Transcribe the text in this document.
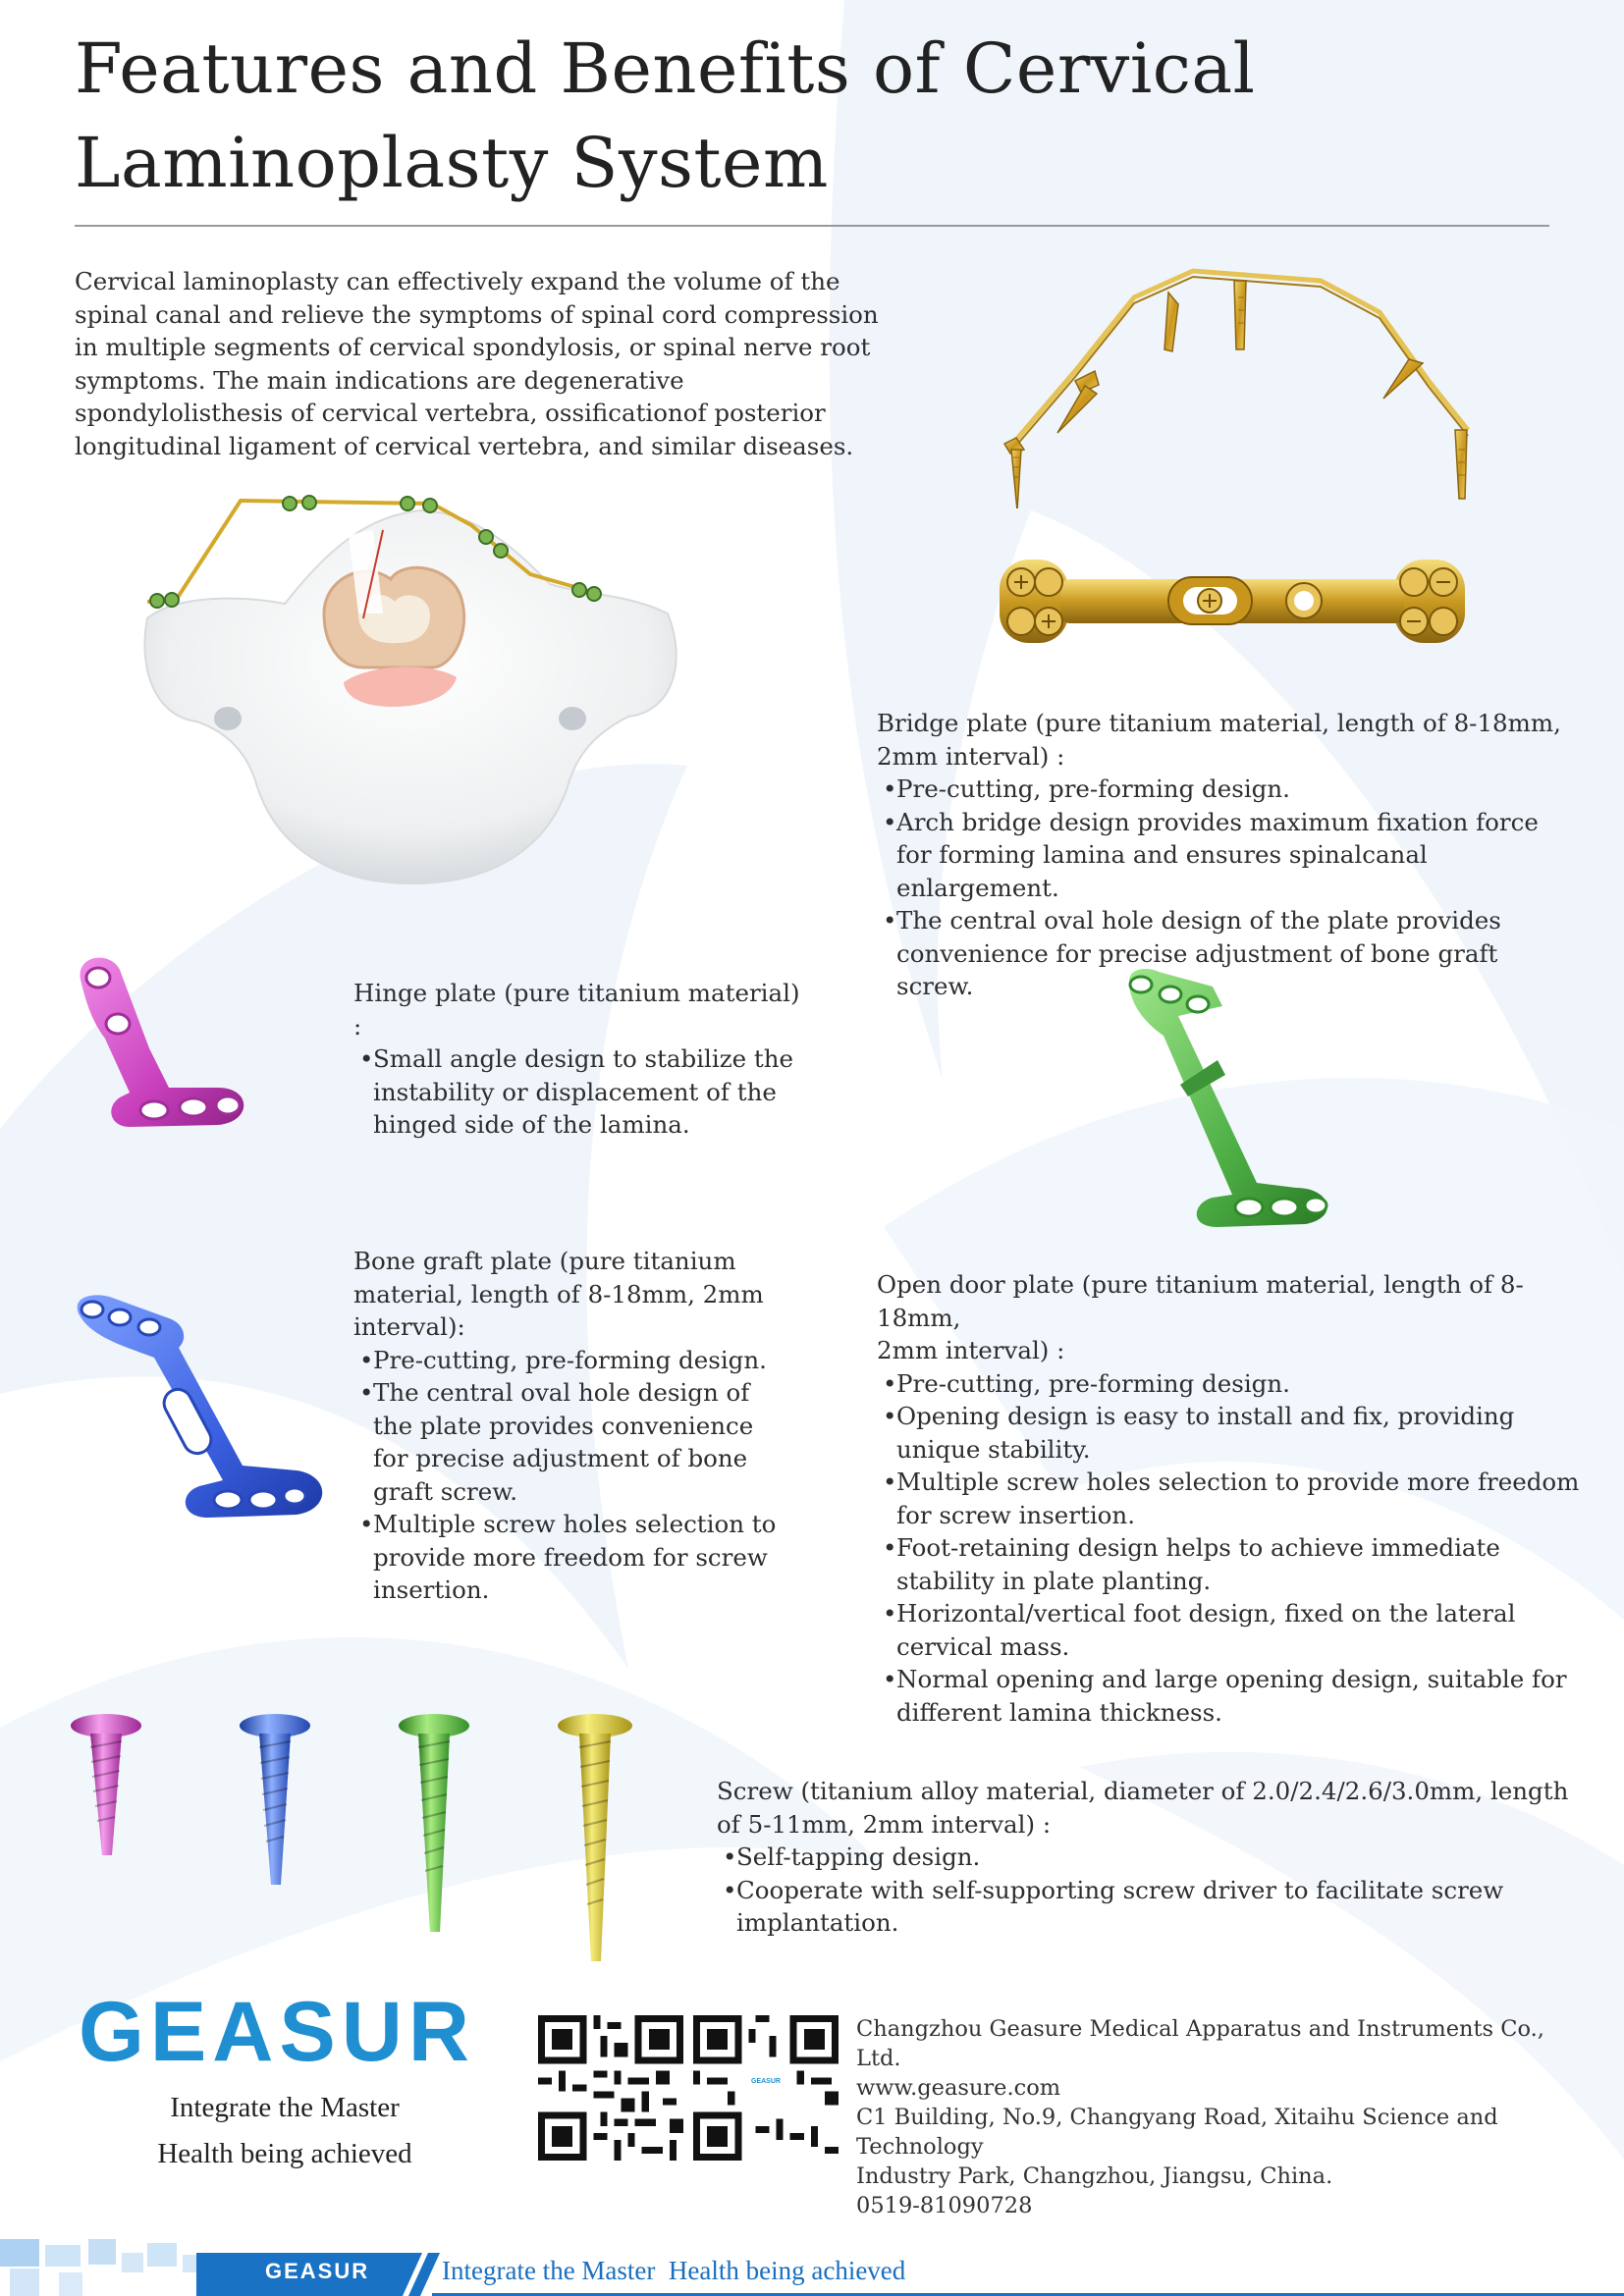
Features and Benefits of Cervical
Laminoplasty System

Cervical laminoplasty can effectively expand the volume of the spinal canal and relieve the symptoms of spinal cord compression in multiple segments of cervical spondylosis, or spinal nerve root symptoms. The main indications are degenerative spondylolisthesis of cervical vertebra, ossificationof posterior longitudinal ligament of cervical vertebra, and similar diseases.

Bridge plate (pure titanium material, length of 8-18mm,
2mm interval) :
• Pre-cutting, pre-forming design.
• Arch bridge design provides maximum fixation force for forming lamina and ensures spinalcanal enlargement.
• The central oval hole design of the plate provides convenience for precise adjustment of bone graft screw.
Hinge plate (pure titanium material) :
• Small angle design to stabilize the instability or displacement of the hinged side of the lamina.
Bone graft plate (pure titanium
material, length of 8-18mm, 2mm
interval):
• Pre-cutting, pre-forming design.
• The central oval hole design of the plate provides convenience for precise adjustment of bone graft screw.
• Multiple screw holes selection to provide more freedom for screw insertion.
Open door plate (pure titanium material, length of 8-18mm,
2mm interval) :
• Pre-cutting, pre-forming design.
• Opening design is easy to install and fix, providing unique stability.
• Multiple screw holes selection to provide more freedom for screw insertion.
• Foot-retaining design helps to achieve immediate stability in plate planting.
• Horizontal/vertical foot design, fixed on the lateral cervical mass.
• Normal opening and large opening design, suitable for different lamina thickness.
Screw (titanium alloy material, diameter of 2.0/2.4/2.6/3.0mm, length
of 5-11mm, 2mm interval) :
• Self-tapping design.
• Cooperate with self-supporting screw driver to facilitate screw implantation.
GEASUR
Integrate the Master
Health being achieved
GEASUR
Changzhou Geasure Medical Apparatus and Instruments Co., Ltd.
www.geasure.com
C1 Building, No.9, Changyang Road, Xitaihu Science and Technology
Industry Park, Changzhou, Jiangsu, China.
0519-81090728
GEASUR	Integrate the Master  Health being achieved
